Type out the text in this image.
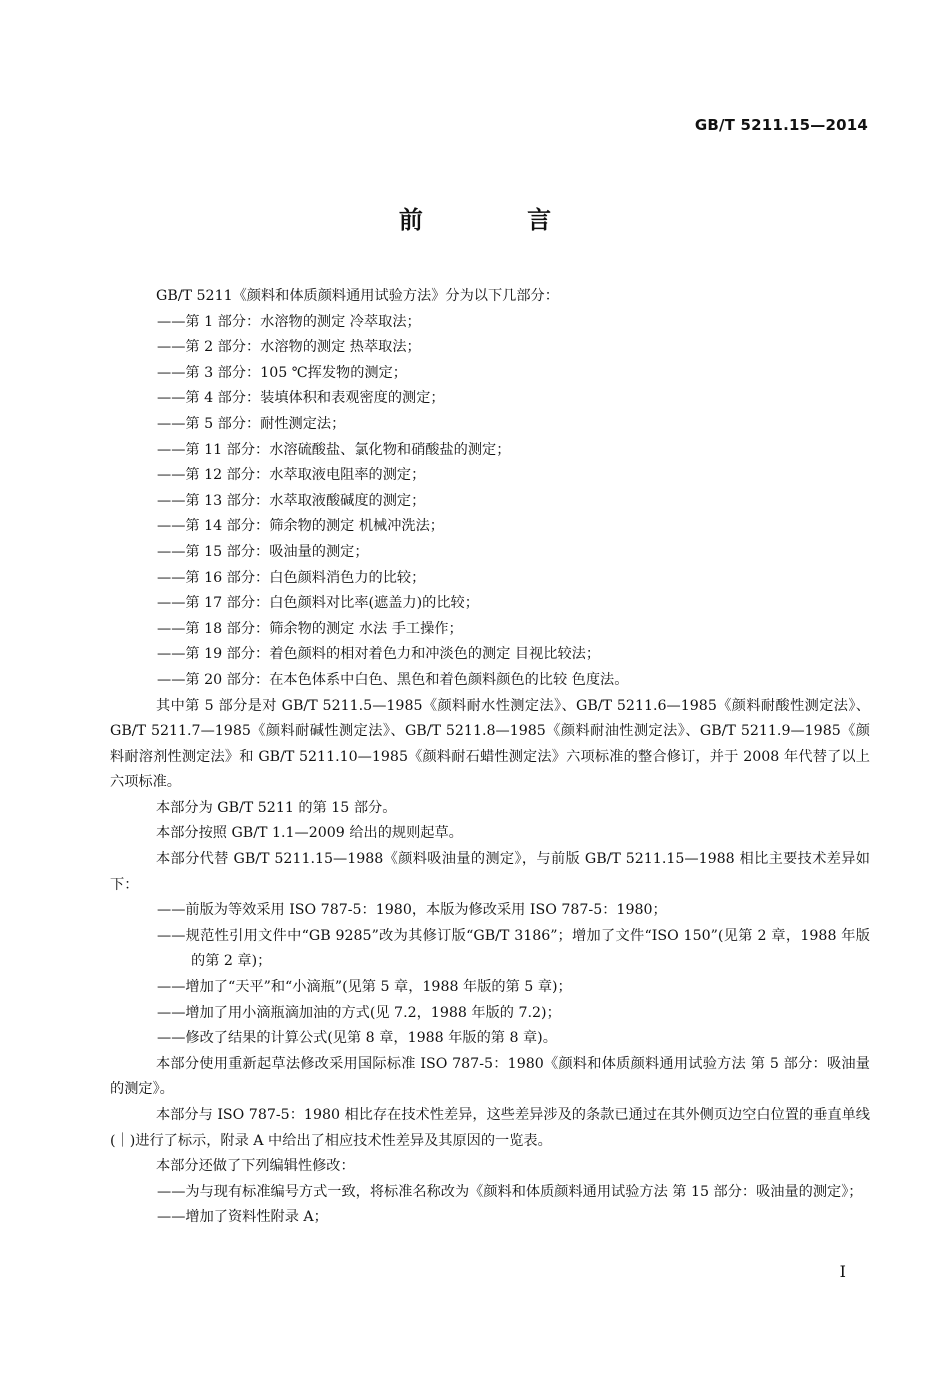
GB/T 5211.15—2014
前 言

GB/T 5211《颜料和体质颜料通用试验方法》分为以下几部分：

——第 1 部分：水溶物的测定 冷萃取法；

——第 2 部分：水溶物的测定 热萃取法；

——第 3 部分：105 ℃挥发物的测定；

——第 4 部分：装填体积和表观密度的测定；

——第 5 部分：耐性测定法；

——第 11 部分：水溶硫酸盐、氯化物和硝酸盐的测定；

——第 12 部分：水萃取液电阻率的测定；

——第 13 部分：水萃取液酸碱度的测定；

——第 14 部分：筛余物的测定 机械冲洗法；

——第 15 部分：吸油量的测定；

——第 16 部分：白色颜料消色力的比较；

——第 17 部分：白色颜料对比率(遮盖力)的比较；

——第 18 部分：筛余物的测定 水法 手工操作；

——第 19 部分：着色颜料的相对着色力和冲淡色的测定 目视比较法；

——第 20 部分：在本色体系中白色、黑色和着色颜料颜色的比较 色度法。

其中第 5 部分是对 GB/T 5211.5—1985《颜料耐水性测定法》、GB/T 5211.6—1985《颜料耐酸性测定法》、GB/T 5211.7—1985《颜料耐碱性测定法》、GB/T 5211.8—1985《颜料耐油性测定法》、GB/T 5211.9—1985《颜料耐溶剂性测定法》和 GB/T 5211.10—1985《颜料耐石蜡性测定法》六项标准的整合修订，并于 2008 年代替了以上六项标准。

本部分为 GB/T 5211 的第 15 部分。

本部分按照 GB/T 1.1—2009 给出的规则起草。

本部分代替 GB/T 5211.15—1988《颜料吸油量的测定》，与前版 GB/T 5211.15—1988 相比主要技术差异如下：

——前版为等效采用 ISO 787-5：1980，本版为修改采用 ISO 787-5：1980；

——规范性引用文件中“GB 9285”改为其修订版“GB/T 3186”；增加了文件“ISO 150”(见第 2 章，1988 年版的第 2 章)；

——增加了“天平”和“小滴瓶”(见第 5 章，1988 年版的第 5 章)；

——增加了用小滴瓶滴加油的方式(见 7.2，1988 年版的 7.2)；

——修改了结果的计算公式(见第 8 章，1988 年版的第 8 章)。

本部分使用重新起草法修改采用国际标准 ISO 787-5：1980《颜料和体质颜料通用试验方法 第 5 部分：吸油量的测定》。

本部分与 ISO 787-5：1980 相比存在技术性差异，这些差异涉及的条款已通过在其外侧页边空白位置的垂直单线(｜)进行了标示，附录 A 中给出了相应技术性差异及其原因的一览表。

本部分还做了下列编辑性修改：

——为与现有标准编号方式一致，将标准名称改为《颜料和体质颜料通用试验方法 第 15 部分：吸油量的测定》；

——增加了资料性附录 A；

I
